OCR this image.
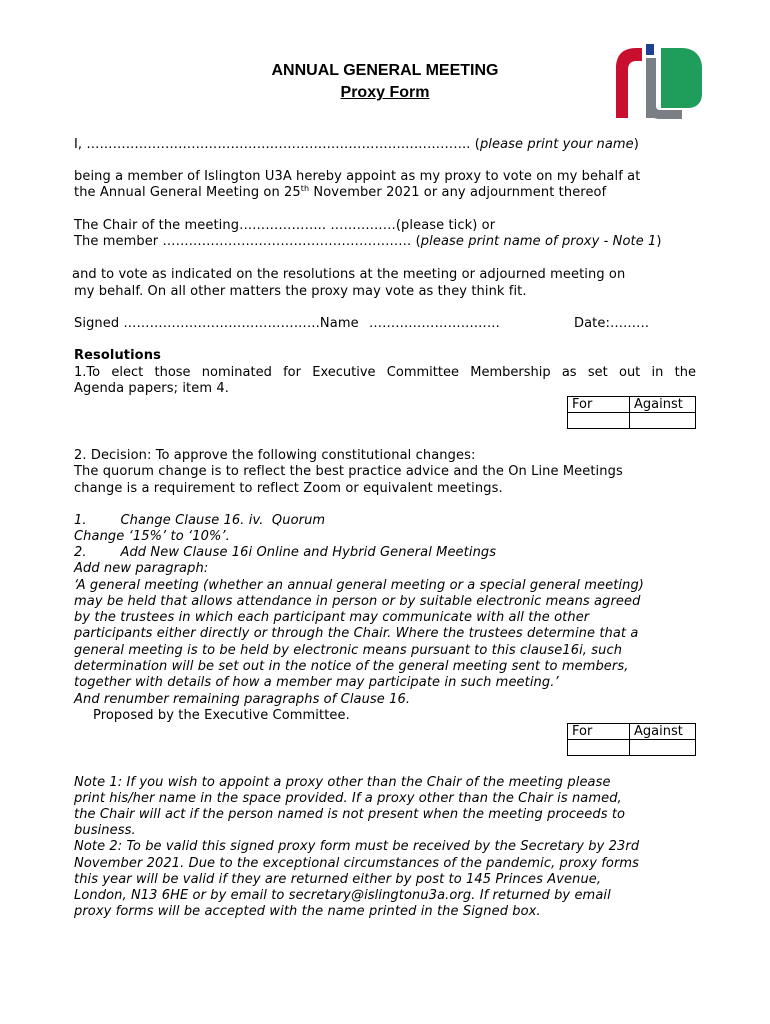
ANNUAL GENERAL MEETING
Proxy Form
I, ……………………………………………………………………………. (please print your name)
being a member of Islington U3A hereby appoint as my proxy to vote on my behalf at
the Annual General Meeting on 25th November 2021 or any adjournment thereof
The Chair of the meeting……………….. ……………(please tick) or
The member ………………………………………………… (please print name of proxy - Note 1)
and to vote as indicated on the resolutions at the meeting or adjourned meeting on
my behalf. On all other matters the proxy may vote as they think fit.
Signed ………………………………………Name …………………………	Date:………
Resolutions
1.To elect those nominated for Executive Committee Membership as set out in the
Agenda papers; item 4.
For	Against

2. Decision: To approve the following constitutional changes:
The quorum change is to reflect the best practice advice and the On Line Meetings
change is a requirement to reflect Zoom or equivalent meetings.
1.        Change Clause 16. iv.  Quorum
Change ‘15%’ to ‘10%’.
2.        Add New Clause 16i Online and Hybrid General Meetings
Add new paragraph:
‘A general meeting (whether an annual general meeting or a special general meeting)
may be held that allows attendance in person or by suitable electronic means agreed
by the trustees in which each participant may communicate with all the other
participants either directly or through the Chair. Where the trustees determine that a
general meeting is to be held by electronic means pursuant to this clause16i, such
determination will be set out in the notice of the general meeting sent to members,
together with details of how a member may participate in such meeting.’
And renumber remaining paragraphs of Clause 16.
Proposed by the Executive Committee.
For	Against

Note 1: If you wish to appoint a proxy other than the Chair of the meeting please
print his/her name in the space provided. If a proxy other than the Chair is named,
the Chair will act if the person named is not present when the meeting proceeds to
business.
Note 2: To be valid this signed proxy form must be received by the Secretary by 23rd
November 2021. Due to the exceptional circumstances of the pandemic, proxy forms
this year will be valid if they are returned either by post to 145 Princes Avenue,
London, N13 6HE or by email to secretary@islingtonu3a.org. If returned by email
proxy forms will be accepted with the name printed in the Signed box.
